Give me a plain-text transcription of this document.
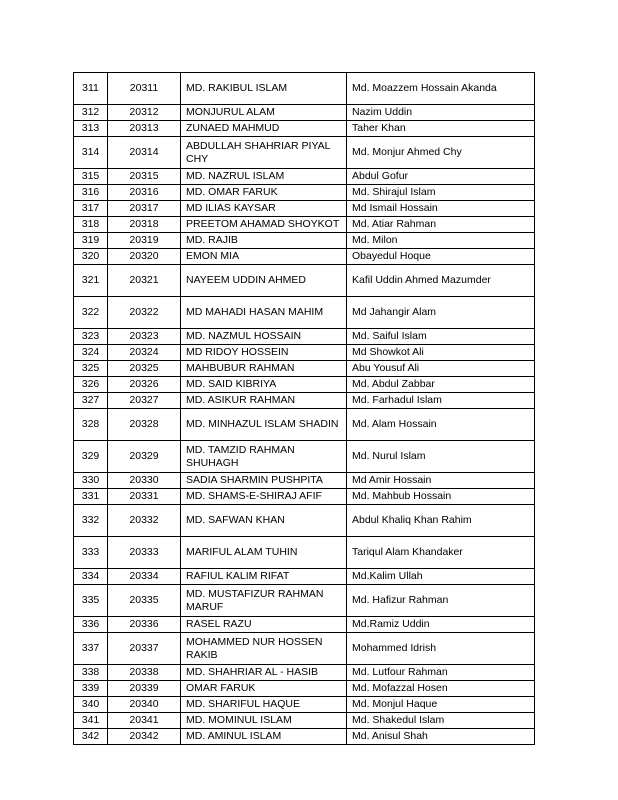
311	20311	MD. RAKIBUL ISLAM	Md. Moazzem Hossain Akanda
312	20312	MONJURUL ALAM	Nazim Uddin
313	20313	ZUNAED MAHMUD	Taher Khan
314	20314	ABDULLAH SHAHRIAR PIYAL CHY	Md. Monjur Ahmed Chy
315	20315	MD. NAZRUL ISLAM	Abdul Gofur
316	20316	MD. OMAR FARUK	Md. Shirajul Islam
317	20317	MD ILIAS KAYSAR	Md Ismail Hossain
318	20318	PREETOM AHAMAD SHOYKOT	Md. Atiar Rahman
319	20319	MD. RAJIB	Md. Milon
320	20320	EMON MIA	Obayedul Hoque
321	20321	NAYEEM UDDIN AHMED	Kafil Uddin Ahmed Mazumder
322	20322	MD MAHADI HASAN MAHIM	Md Jahangir Alam
323	20323	MD. NAZMUL HOSSAIN	Md. Saiful Islam
324	20324	MD RIDOY HOSSEIN	Md Showkot Ali
325	20325	MAHBUBUR RAHMAN	Abu Yousuf Ali
326	20326	MD. SAID KIBRIYA	Md. Abdul Zabbar
327	20327	MD. ASIKUR RAHMAN	Md. Farhadul Islam
328	20328	MD. MINHAZUL ISLAM SHADIN	Md. Alam Hossain
329	20329	MD. TAMZID RAHMAN SHUHAGH	Md. Nurul Islam
330	20330	SADIA SHARMIN PUSHPITA	Md Amir Hossain
331	20331	MD. SHAMS-E-SHIRAJ AFIF	Md. Mahbub Hossain
332	20332	MD. SAFWAN KHAN	Abdul Khaliq Khan Rahim
333	20333	MARIFUL ALAM TUHIN	Tariqul Alam Khandaker
334	20334	RAFIUL KALIM RIFAT	Md.Kalim Ullah
335	20335	MD. MUSTAFIZUR RAHMAN MARUF	Md. Hafizur Rahman
336	20336	RASEL RAZU	Md.Ramiz Uddin
337	20337	MOHAMMED NUR HOSSEN RAKIB	Mohammed Idrish
338	20338	MD. SHAHRIAR AL - HASIB	Md. Lutfour Rahman
339	20339	OMAR FARUK	Md. Mofazzal Hosen
340	20340	MD. SHARIFUL HAQUE	Md. Monjul Haque
341	20341	MD. MOMINUL ISLAM	Md. Shakedul Islam
342	20342	MD. AMINUL ISLAM	Md. Anisul Shah
